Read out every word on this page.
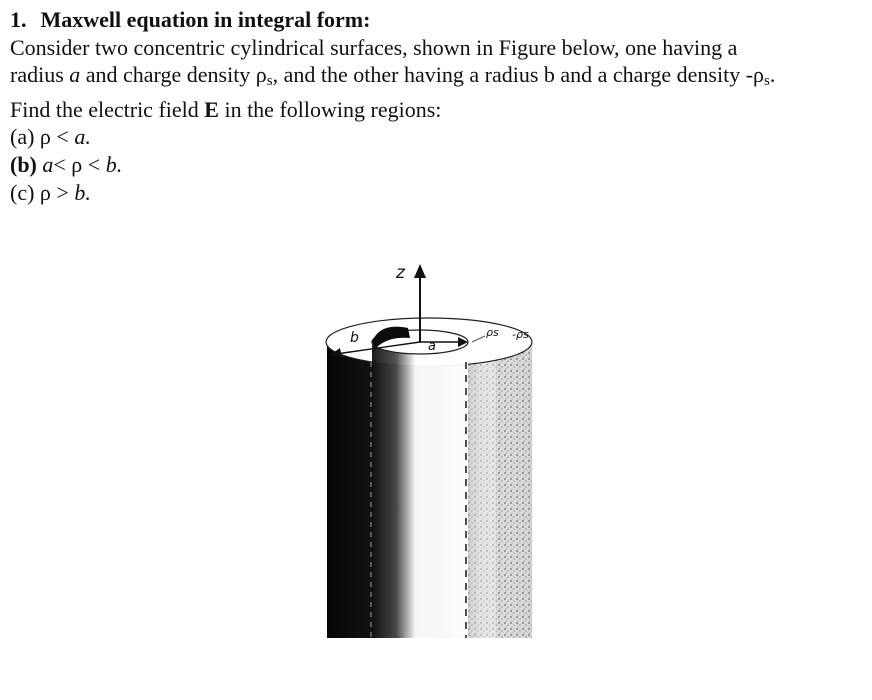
1. Maxwell equation in integral form:
Consider two concentric cylindrical surfaces, shown in Figure below, one having a
radius a and charge density $\rho_s$, and the other having a radius b and a charge density $-\rho_s$.
Find the electric field E in the following regions:
(a) ρ < a.
(b) a< ρ < b.
(c) ρ > b.
z
b
a
ρs -ρs
